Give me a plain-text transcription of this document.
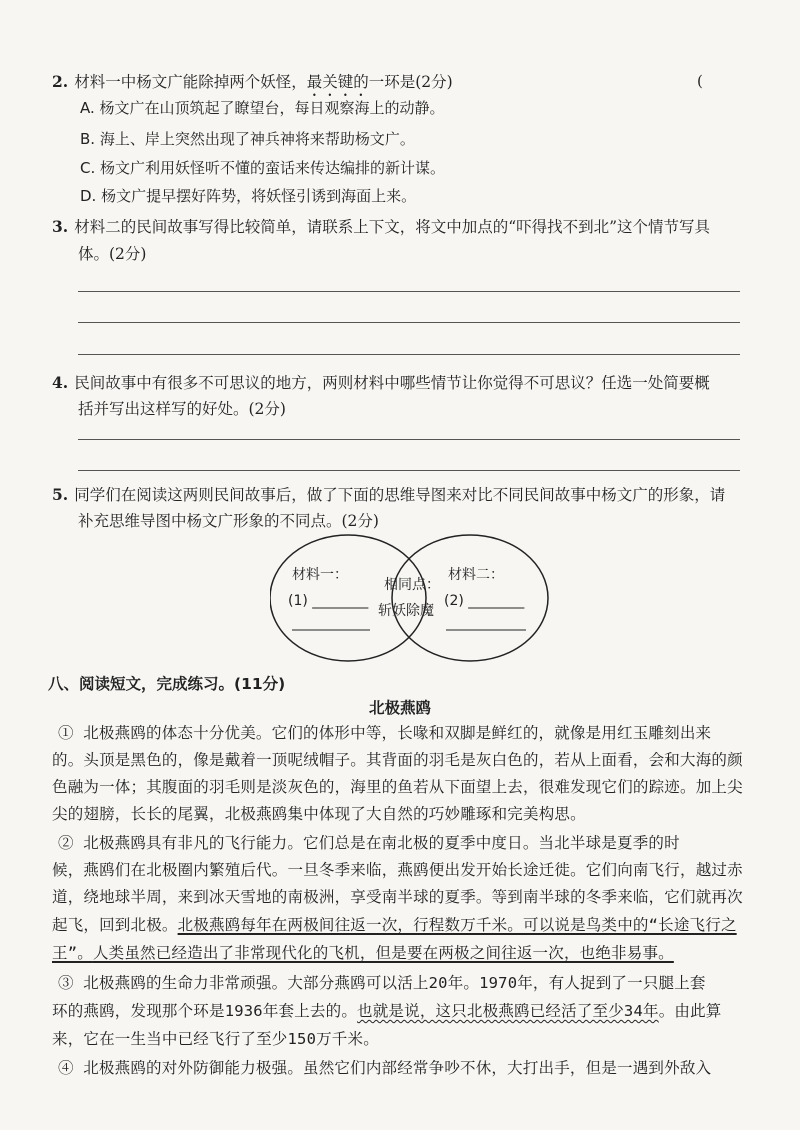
2. 材料一中杨文广能除掉两个妖怪，最关键的一环是(2分)	(
A. 杨文广在山顶筑起了瞭望台，每日观察海上的动静。
B. 海上、岸上突然出现了神兵神将来帮助杨文广。
C. 杨文广利用妖怪听不懂的蛮话来传达编排的新计谋。
D. 杨文广提早摆好阵势，将妖怪引诱到海面上来。
3. 材料二的民间故事写得比较简单，请联系上下文，将文中加点的“吓得找不到北”这个情节写具
体。(2分)
4. 民间故事中有很多不可思议的地方，两则材料中哪些情节让你觉得不可思议？任选一处简要概
括并写出这样写的好处。(2分)
5. 同学们在阅读这两则民间故事后，做了下面的思维导图来对比不同民间故事中杨文广的形象，请
补充思维导图中杨文广形象的不同点。(2分)
材料一：
(1) ________
相同点：
斩妖除魔
材料二：
(2) ________
八、阅读短文，完成练习。(11分)
北极燕鸥
① 北极燕鸥的体态十分优美。它们的体形中等，长喙和双脚是鲜红的，就像是用红玉雕刻出来
的。头顶是黑色的，像是戴着一顶呢绒帽子。其背面的羽毛是灰白色的，若从上面看，会和大海的颜
色融为一体；其腹面的羽毛则是淡灰色的，海里的鱼若从下面望上去，很难发现它们的踪迹。加上尖
尖的翅膀，长长的尾翼，北极燕鸥集中体现了大自然的巧妙雕琢和完美构思。
② 北极燕鸥具有非凡的飞行能力。它们总是在南北极的夏季中度日。当北半球是夏季的时
候，燕鸥们在北极圈内繁殖后代。一旦冬季来临，燕鸥便出发开始长途迁徙。它们向南飞行，越过赤
道，绕地球半周，来到冰天雪地的南极洲，享受南半球的夏季。等到南半球的冬季来临，它们就再次
起飞，回到北极。北极燕鸥每年在两极间往返一次，行程数万千米。可以说是鸟类中的“长途飞行之
王”。人类虽然已经造出了非常现代化的飞机，但是要在两极之间往返一次，也绝非易事。
③ 北极燕鸥的生命力非常顽强。大部分燕鸥可以活上20年。1970年，有人捉到了一只腿上套
环的燕鸥，发现那个环是1936年套上去的。也就是说，这只北极燕鸥已经活了至少34年。由此算
来，它在一生当中已经飞行了至少150万千米。
④ 北极燕鸥的对外防御能力极强。虽然它们内部经常争吵不休，大打出手，但是一遇到外敌入
